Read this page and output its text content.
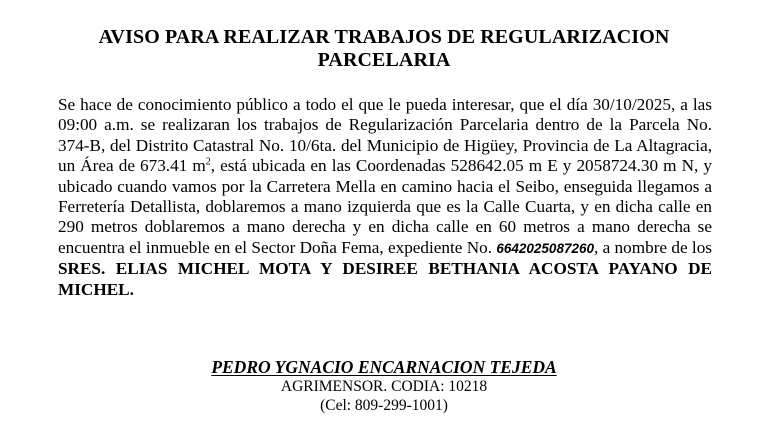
AVISO PARA REALIZAR TRABAJOS DE REGULARIZACION
PARCELARIA
Se hace de conocimiento público a todo el que le pueda interesar, que el día 30/10/2025, a las 09:00 a.m. se realizaran los trabajos de Regularización Parcelaria dentro de la Parcela No. 374-B, del Distrito Catastral No. 10/6ta. del Municipio de Higüey, Provincia de La Altagracia, un Área de 673.41 $m^2$, está ubicada en las Coordenadas 528642.05 m E y 2058724.30 m N, y ubicado cuando vamos por la Carretera Mella en camino hacia el Seibo, enseguida llegamos a Ferretería Detallista, doblaremos a mano izquierda que es la Calle Cuarta, y en dicha calle en 290 metros doblaremos a mano derecha y en dicha calle en 60 metros a mano derecha se encuentra el inmueble en el Sector Doña Fema, expediente No. 6642025087260, a nombre de los SRES. ELIAS MICHEL MOTA Y DESIREE BETHANIA ACOSTA PAYANO DE MICHEL.
PEDRO YGNACIO ENCARNACION TEJEDA
AGRIMENSOR. CODIA: 10218
(Cel: 809-299-1001)
